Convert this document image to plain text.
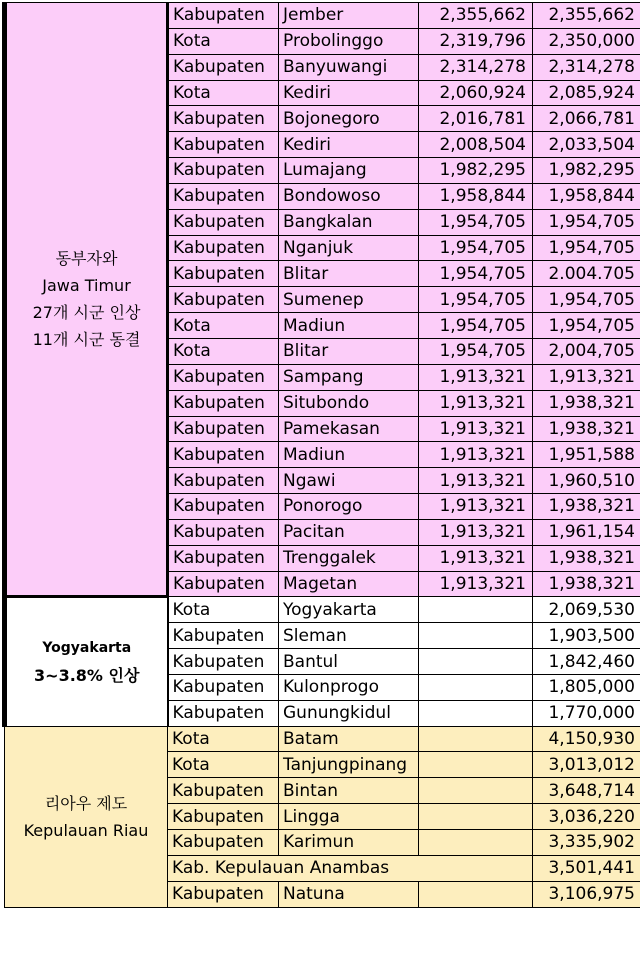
동부자와
Jawa Timur
27개 시군 인상
11개 시군 동결	Kabupaten	Jember	2,355,662	2,355,662
	Kota	Probolinggo	2,319,796	2,350,000
	Kabupaten	Banyuwangi	2,314,278	2,314,278
	Kota	Kediri	2,060,924	2,085,924
	Kabupaten	Bojonegoro	2,016,781	2,066,781
	Kabupaten	Kediri	2,008,504	2,033,504
	Kabupaten	Lumajang	1,982,295	1,982,295
	Kabupaten	Bondowoso	1,958,844	1,958,844
	Kabupaten	Bangkalan	1,954,705	1,954,705
	Kabupaten	Nganjuk	1,954,705	1,954,705
	Kabupaten	Blitar	1,954,705	2.004.705
	Kabupaten	Sumenep	1,954,705	1,954,705
	Kota	Madiun	1,954,705	1,954,705
	Kota	Blitar	1,954,705	2,004,705
	Kabupaten	Sampang	1,913,321	1,913,321
	Kabupaten	Situbondo	1,913,321	1,938,321
	Kabupaten	Pamekasan	1,913,321	1,938,321
	Kabupaten	Madiun	1,913,321	1,951,588
	Kabupaten	Ngawi	1,913,321	1,960,510
	Kabupaten	Ponorogo	1,913,321	1,938,321
	Kabupaten	Pacitan	1,913,321	1,961,154
	Kabupaten	Trenggalek	1,913,321	1,938,321
	Kabupaten	Magetan	1,913,321	1,938,321

Yogyakarta
3~3.8% 인상	Kota	Yogyakarta		2,069,530
	Kabupaten	Sleman		1,903,500
	Kabupaten	Bantul		1,842,460
	Kabupaten	Kulonprogo		1,805,000
	Kabupaten	Gunungkidul		1,770,000

리아우 제도
Kepulauan Riau	Kota	Batam		4,150,930
	Kota	Tanjungpinang		3,013,012
	Kabupaten	Bintan		3,648,714
	Kabupaten	Lingga		3,036,220
	Kabupaten	Karimun		3,335,902
	Kab. Kepulauan Anambas			3,501,441
	Kabupaten	Natuna		3,106,975
